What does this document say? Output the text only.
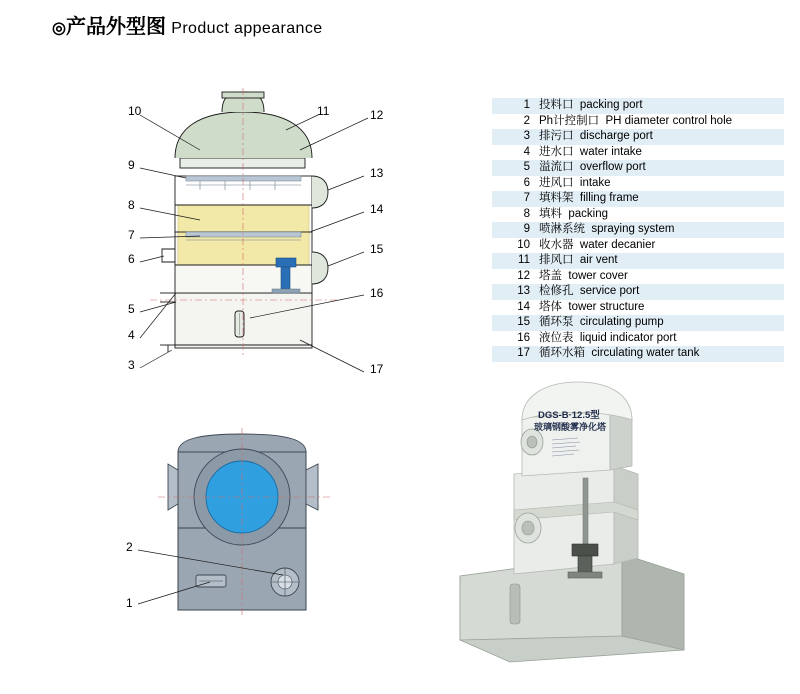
◎产品外型图 Product appearance
1	投料口 packing port
2	Ph计控制口 PH diameter control hole
3	排污口 discharge port
4	进水口 water intake
5	溢流口 overflow port
6	进风口 intake
7	填料架 filling frame
8	填料 packing
9	喷淋系统 spraying system
10	收水器 water decanier
11	排风口 air vent
12	塔盖 tower cover
13	检修孔 service port
14	塔体 tower structure
15	循环泵 circulating pump
16	液位表 liquid indicator port
17	循环水箱 circulating water tank
10	11	12
9
13
8	14
7
15
6
16
5
4
3	17
2
1
DGS-B·12.5型
玻璃钢酸雾净化塔
